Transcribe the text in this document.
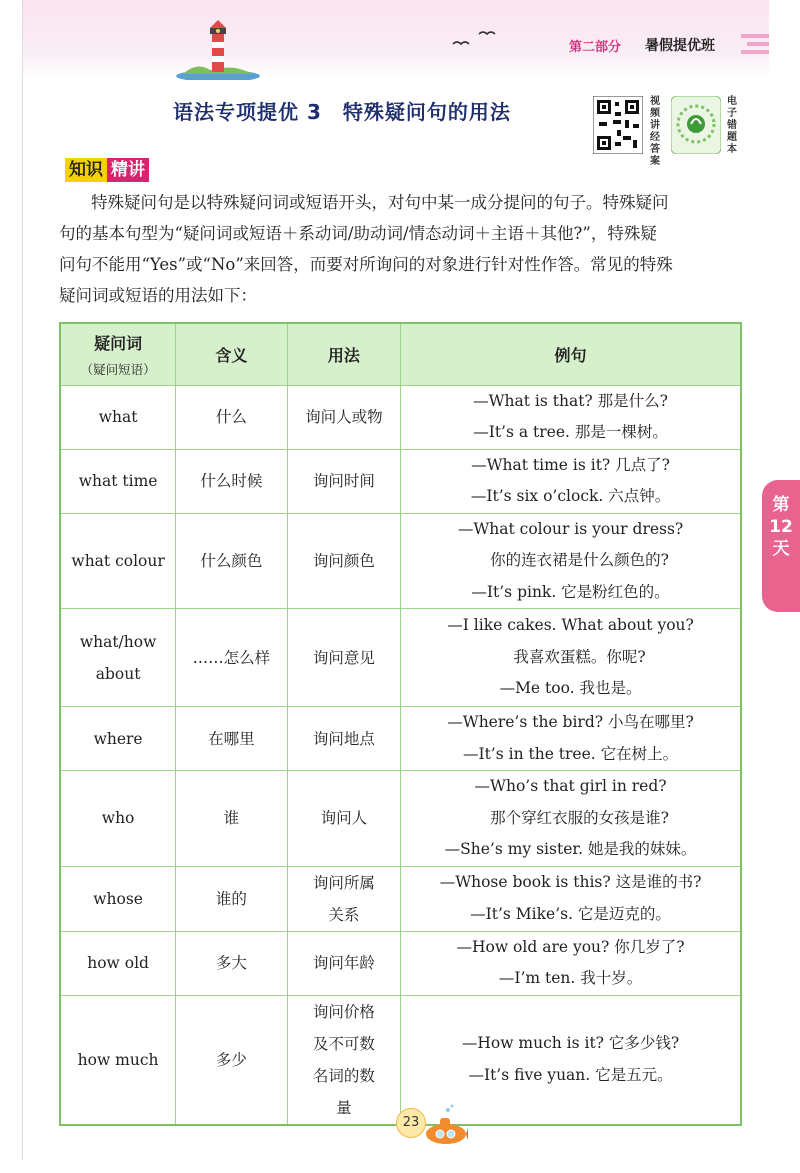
第二部分 暑假提优班
语法专项提优 3　特殊疑问句的用法	视频讲经答案
电子错题本
知识 精讲

特殊疑问句是以特殊疑问词或短语开头，对句中某一成分提问的句子。特殊疑问

句的基本句型为“疑问词或短语＋系动词/助动词/情态动词＋主语＋其他?”，特殊疑

问句不能用“Yes”或“No”来回答，而要对所询问的对象进行针对性作答。常见的特殊

疑问词或短语的用法如下：

疑问词
（疑问短语）	含义	用法	例句
what	什么	询问人或物	—What is that? 那是什么?
—It’s a tree. 那是一棵树。

what time	什么时候	询问时间	—What time is it? 几点了?
—It’s six o’clock. 六点钟。

what colour	什么颜色	询问颜色	—What colour is your dress?
你的连衣裙是什么颜色的?
—It’s pink. 它是粉红色的。

what/how about	……怎么样	询问意见	—I like cakes. What about you?
我喜欢蛋糕。你呢?
—Me too. 我也是。

where	在哪里	询问地点	—Where’s the bird? 小鸟在哪里?
—It’s in the tree. 它在树上。

who	谁	询问人	—Who’s that girl in red?
那个穿红衣服的女孩是谁?
—She’s my sister. 她是我的妹妹。

whose	谁的	询问所属关系	—Whose book is this? 这是谁的书?
—It’s Mike’s. 它是迈克的。

how old	多大	询问年龄	—How old are you? 你几岁了?
—I’m ten. 我十岁。

how much	多少	询问价格及不可数名词的数量	—How much is it? 它多少钱?
—It’s five yuan. 它是五元。
第
12
天
23
